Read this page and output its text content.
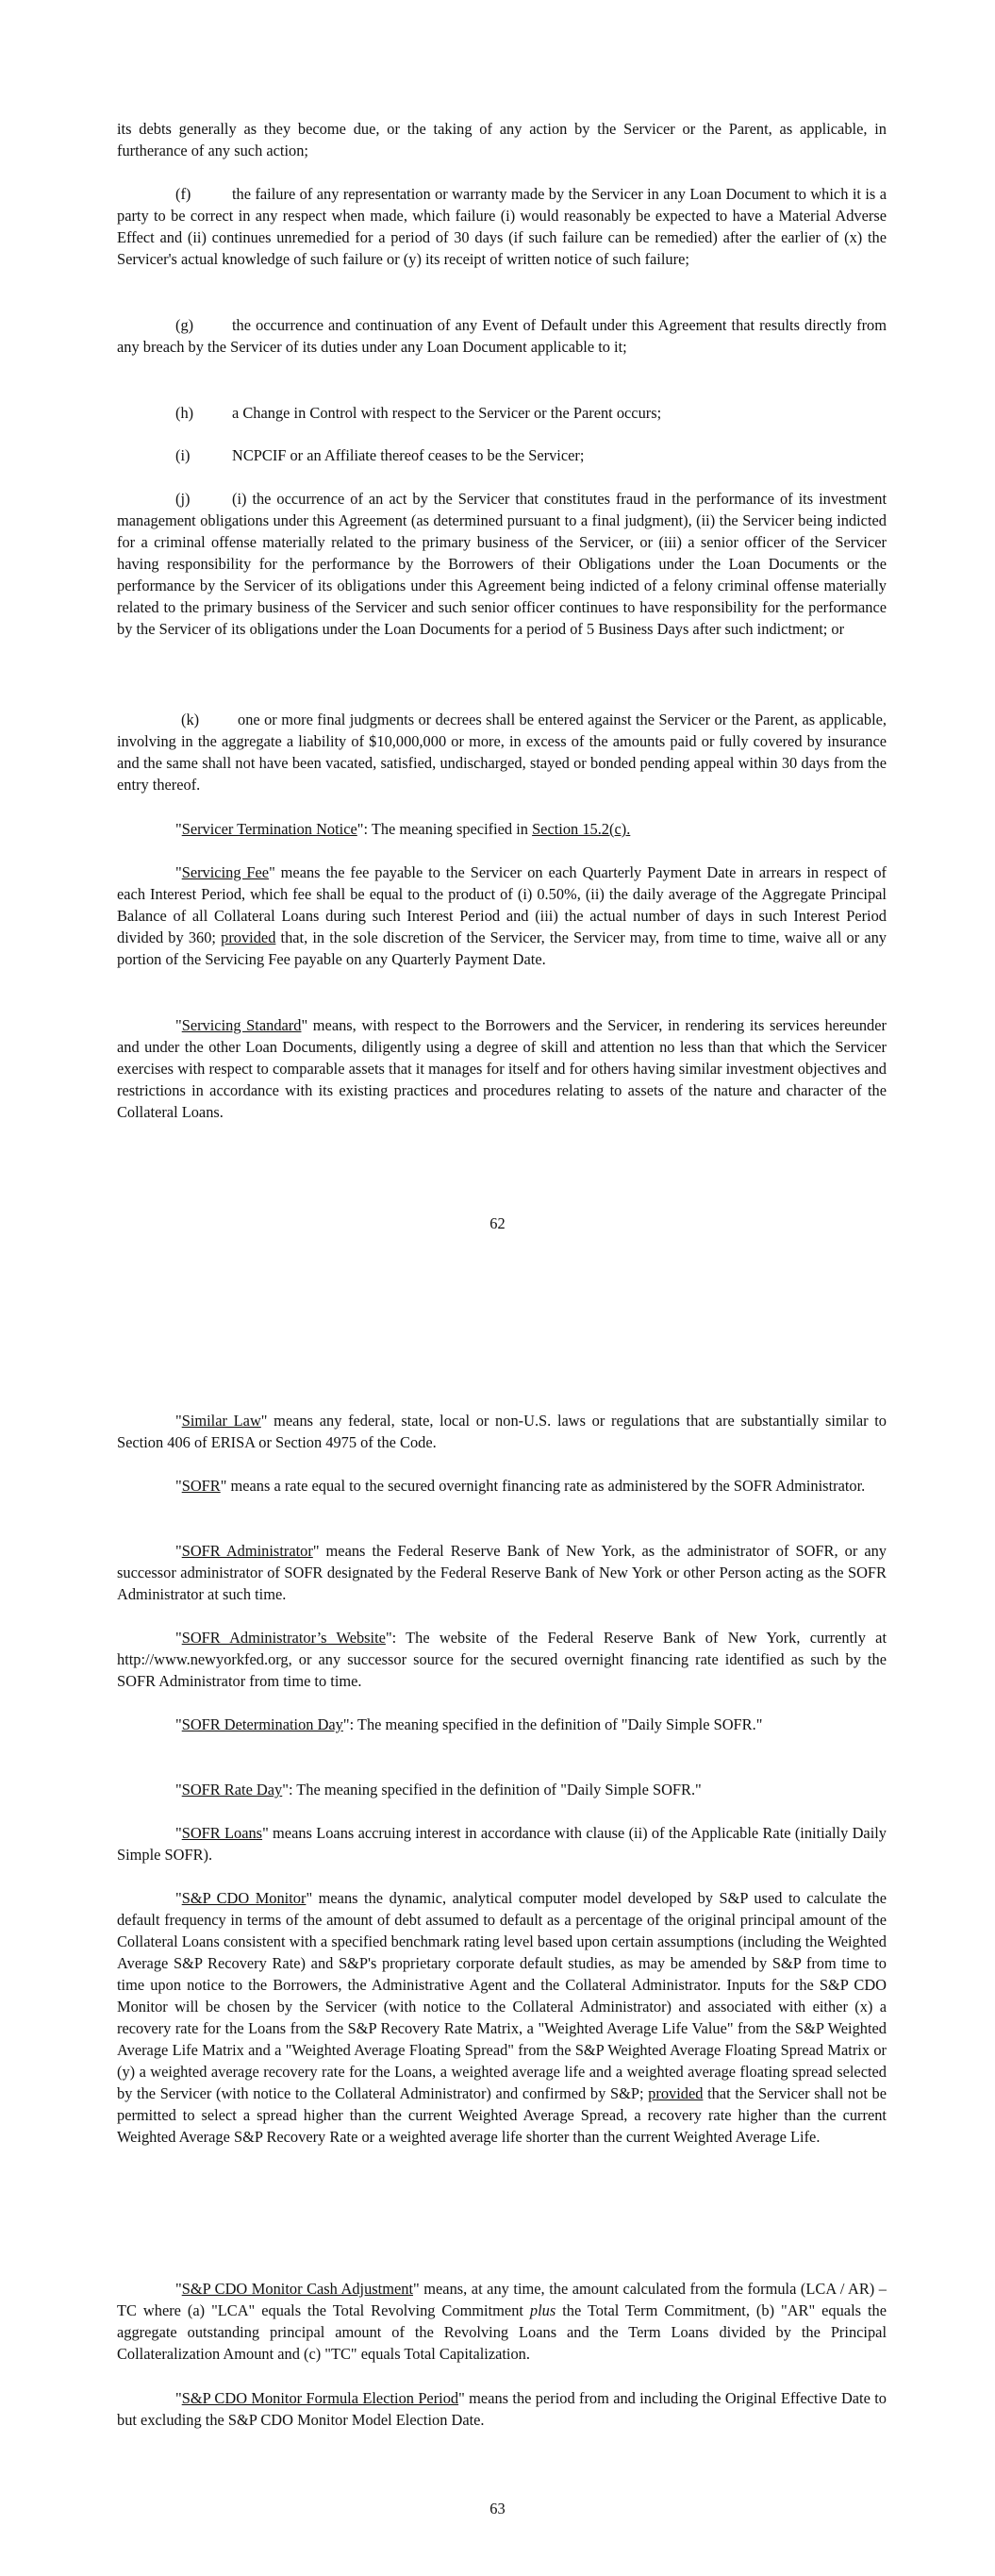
its debts generally as they become due, or the taking of any action by the Servicer or the Parent, as applicable, in furtherance of any such action;

(f)	the failure of any representation or warranty made by the Servicer in any Loan Document to which it is a party to be correct in any respect when made, which failure (i) would reasonably be expected to have a Material Adverse Effect and (ii) continues unremedied for a period of 30 days (if such failure can be remedied) after the earlier of (x) the Servicer's actual knowledge of such failure or (y) its receipt of written notice of such failure;

(g) the occurrence and continuation of any Event of Default under this Agreement that results directly from any breach by the Servicer of its duties under any Loan Document applicable to it;

(h) a Change in Control with respect to the Servicer or the Parent occurs;

(i)	NCPCIF or an Affiliate thereof ceases to be the Servicer;

(j)	(i) the occurrence of an act by the Servicer that constitutes fraud in the performance of its investment management obligations under this Agreement (as determined pursuant to a final judgment), (ii) the Servicer being indicted for a criminal offense materially related to the primary business of the Servicer, or (iii) a senior officer of the Servicer having responsibility for the performance by the Borrowers of their Obligations under the Loan Documents or the performance by the Servicer of its obligations under this Agreement being indicted of a felony criminal offense materially related to the primary business of the Servicer and such senior officer continues to have responsibility for the performance by the Servicer of its obligations under the Loan Documents for a period of 5 Business Days after such indictment; or

(k) one or more final judgments or decrees shall be entered against the Servicer or the Parent, as applicable, involving in the aggregate a liability of $10,000,000 or more, in excess of the amounts paid or fully covered by insurance and the same shall not have been vacated, satisfied, undischarged, stayed or bonded pending appeal within 30 days from the entry thereof.

"Servicer Termination Notice": The meaning specified in Section 15.2(c).

"Servicing Fee" means the fee payable to the Servicer on each Quarterly Payment Date in arrears in respect of each Interest Period, which fee shall be equal to the product of (i) 0.50%, (ii) the daily average of the Aggregate Principal Balance of all Collateral Loans during such Interest Period and (iii) the actual number of days in such Interest Period divided by 360; provided that, in the sole discretion of the Servicer, the Servicer may, from time to time, waive all or any portion of the Servicing Fee payable on any Quarterly Payment Date.

"Servicing Standard" means, with respect to the Borrowers and the Servicer, in rendering its services hereunder and under the other Loan Documents, diligently using a degree of skill and attention no less than that which the Servicer exercises with respect to comparable assets that it manages for itself and for others having similar investment objectives and restrictions in accordance with its existing practices and procedures relating to assets of the nature and character of the Collateral Loans.

62

"Similar Law" means any federal, state, local or non-U.S. laws or regulations that are substantially similar to Section 406 of ERISA or Section 4975 of the Code.

"SOFR" means a rate equal to the secured overnight financing rate as administered by the SOFR Administrator.

"SOFR Administrator" means the Federal Reserve Bank of New York, as the administrator of SOFR, or any successor administrator of SOFR designated by the Federal Reserve Bank of New York or other Person acting as the SOFR Administrator at such time.

"SOFR Administrator’s Website": The website of the Federal Reserve Bank of New York, currently at http://www.newyorkfed.org, or any successor source for the secured overnight financing rate identified as such by the SOFR Administrator from time to time.

"SOFR Determination Day": The meaning specified in the definition of "Daily Simple SOFR."

"SOFR Rate Day": The meaning specified in the definition of "Daily Simple SOFR."

"SOFR Loans" means Loans accruing interest in accordance with clause (ii) of the Applicable Rate (initially Daily Simple SOFR).

"S&P CDO Monitor" means the dynamic, analytical computer model developed by S&P used to calculate the default frequency in terms of the amount of debt assumed to default as a percentage of the original principal amount of the Collateral Loans consistent with a specified benchmark rating level based upon certain assumptions (including the Weighted Average S&P Recovery Rate) and S&P's proprietary corporate default studies, as may be amended by S&P from time to time upon notice to the Borrowers, the Administrative Agent and the Collateral Administrator. Inputs for the S&P CDO Monitor will be chosen by the Servicer (with notice to the Collateral Administrator) and associated with either (x) a recovery rate for the Loans from the S&P Recovery Rate Matrix, a "Weighted Average Life Value" from the S&P Weighted Average Life Matrix and a "Weighted Average Floating Spread" from the S&P Weighted Average Floating Spread Matrix or (y) a weighted average recovery rate for the Loans, a weighted average life and a weighted average floating spread selected by the Servicer (with notice to the Collateral Administrator) and confirmed by S&P; provided that the Servicer shall not be permitted to select a spread higher than the current Weighted Average Spread, a recovery rate higher than the current Weighted Average S&P Recovery Rate or a weighted average life shorter than the current Weighted Average Life.

"S&P CDO Monitor Cash Adjustment" means, at any time, the amount calculated from the formula (LCA / AR) – TC where (a) "LCA" equals the Total Revolving Commitment plus the Total Term Commitment, (b) "AR" equals the aggregate outstanding principal amount of the Revolving Loans and the Term Loans divided by the Principal Collateralization Amount and (c) "TC" equals Total Capitalization.

"S&P CDO Monitor Formula Election Period" means the period from and including the Original Effective Date to but excluding the S&P CDO Monitor Model Election Date.

63
